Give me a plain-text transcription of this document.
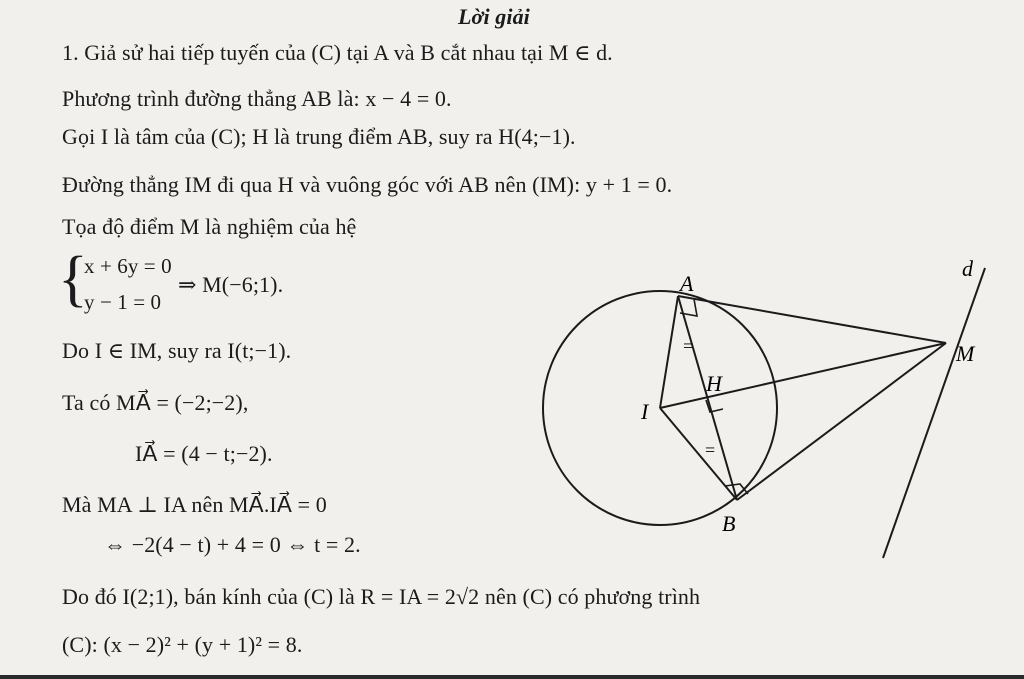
Lời giải
1. Giả sử hai tiếp tuyến của (C) tại A và B cắt nhau tại M ∈ d.
Phương trình đường thẳng AB là: x − 4 = 0.
Gọi I là tâm của (C); H là trung điểm AB, suy ra H(4;−1).
Đường thẳng IM đi qua H và vuông góc với AB nên (IM): y + 1 = 0.
Tọa độ điểm M là nghiệm của hệ
{
x + 6y = 0
y − 1 = 0
⇒ M(−6;1).
Do I ∈ IM, suy ra I(t;−1).
Ta có MA⃗ = (−2;−2),
IA⃗ = (4 − t;−2).
Mà MA ⊥ IA nên MA⃗.IA⃗ = 0
⇔ −2(4 − t) + 4 = 0 ⇔ t = 2.
Do đó I(2;1), bán kính của (C) là R = IA = 2√2 nên (C) có phương trình
(C): (x − 2)² + (y + 1)² = 8.
=
=
A
B
I
H
M
d
